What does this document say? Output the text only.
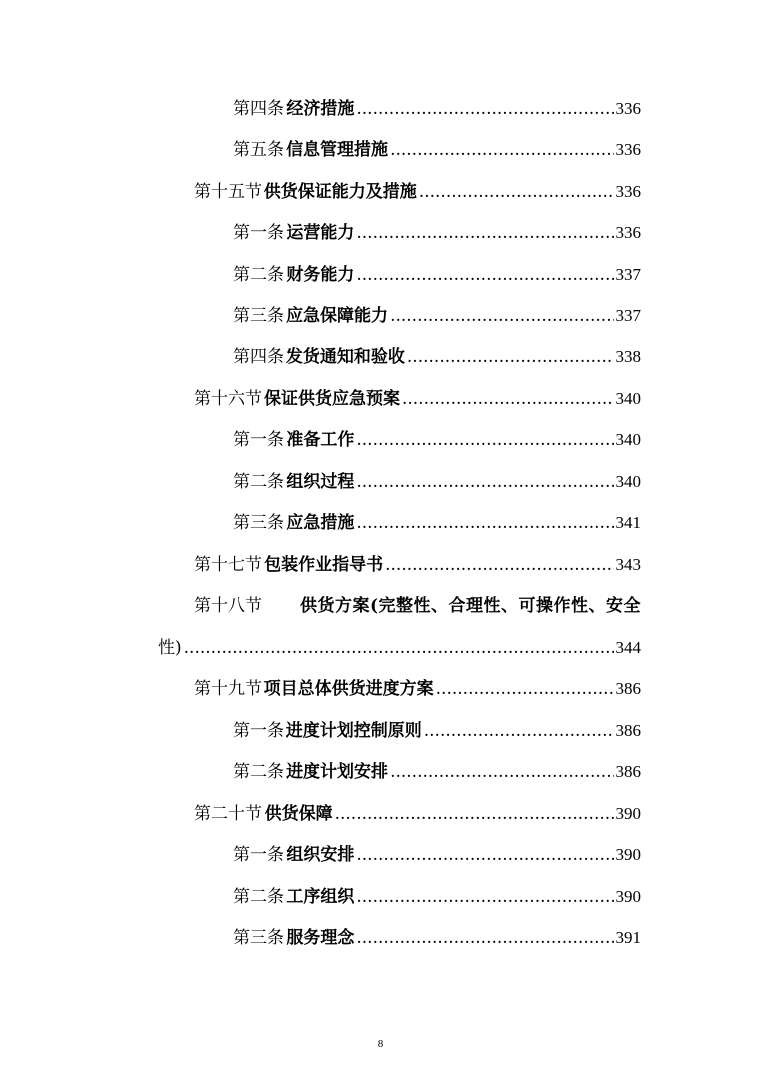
第四条 经济措施 .....	336
第五条 信息管理措施 .....	336
第十五节 供货保证能力及措施 .....	336
第一条 运营能力 .....	336
第二条 财务能力 .....	337
第三条 应急保障能力 .....	337
第四条 发货通知和验收 .....	338
第十六节 保证供货应急预案 .....	340
第一条 准备工作 .....	340
第二条 组织过程 .....	340
第三条 应急措施 .....	341
第十七节 包装作业指导书 .....	343
第十八节 供货方案(完整性、合理性、可操作性、安全
性) .....	344
第十九节 项目总体供货进度方案 .....	386
第一条 进度计划控制原则 .....	386
第二条 进度计划安排 .....	386
第二十节 供货保障 .....	390
第一条 组织安排 .....	390
第二条 工序组织 .....	390
第三条 服务理念 .....	391
8
